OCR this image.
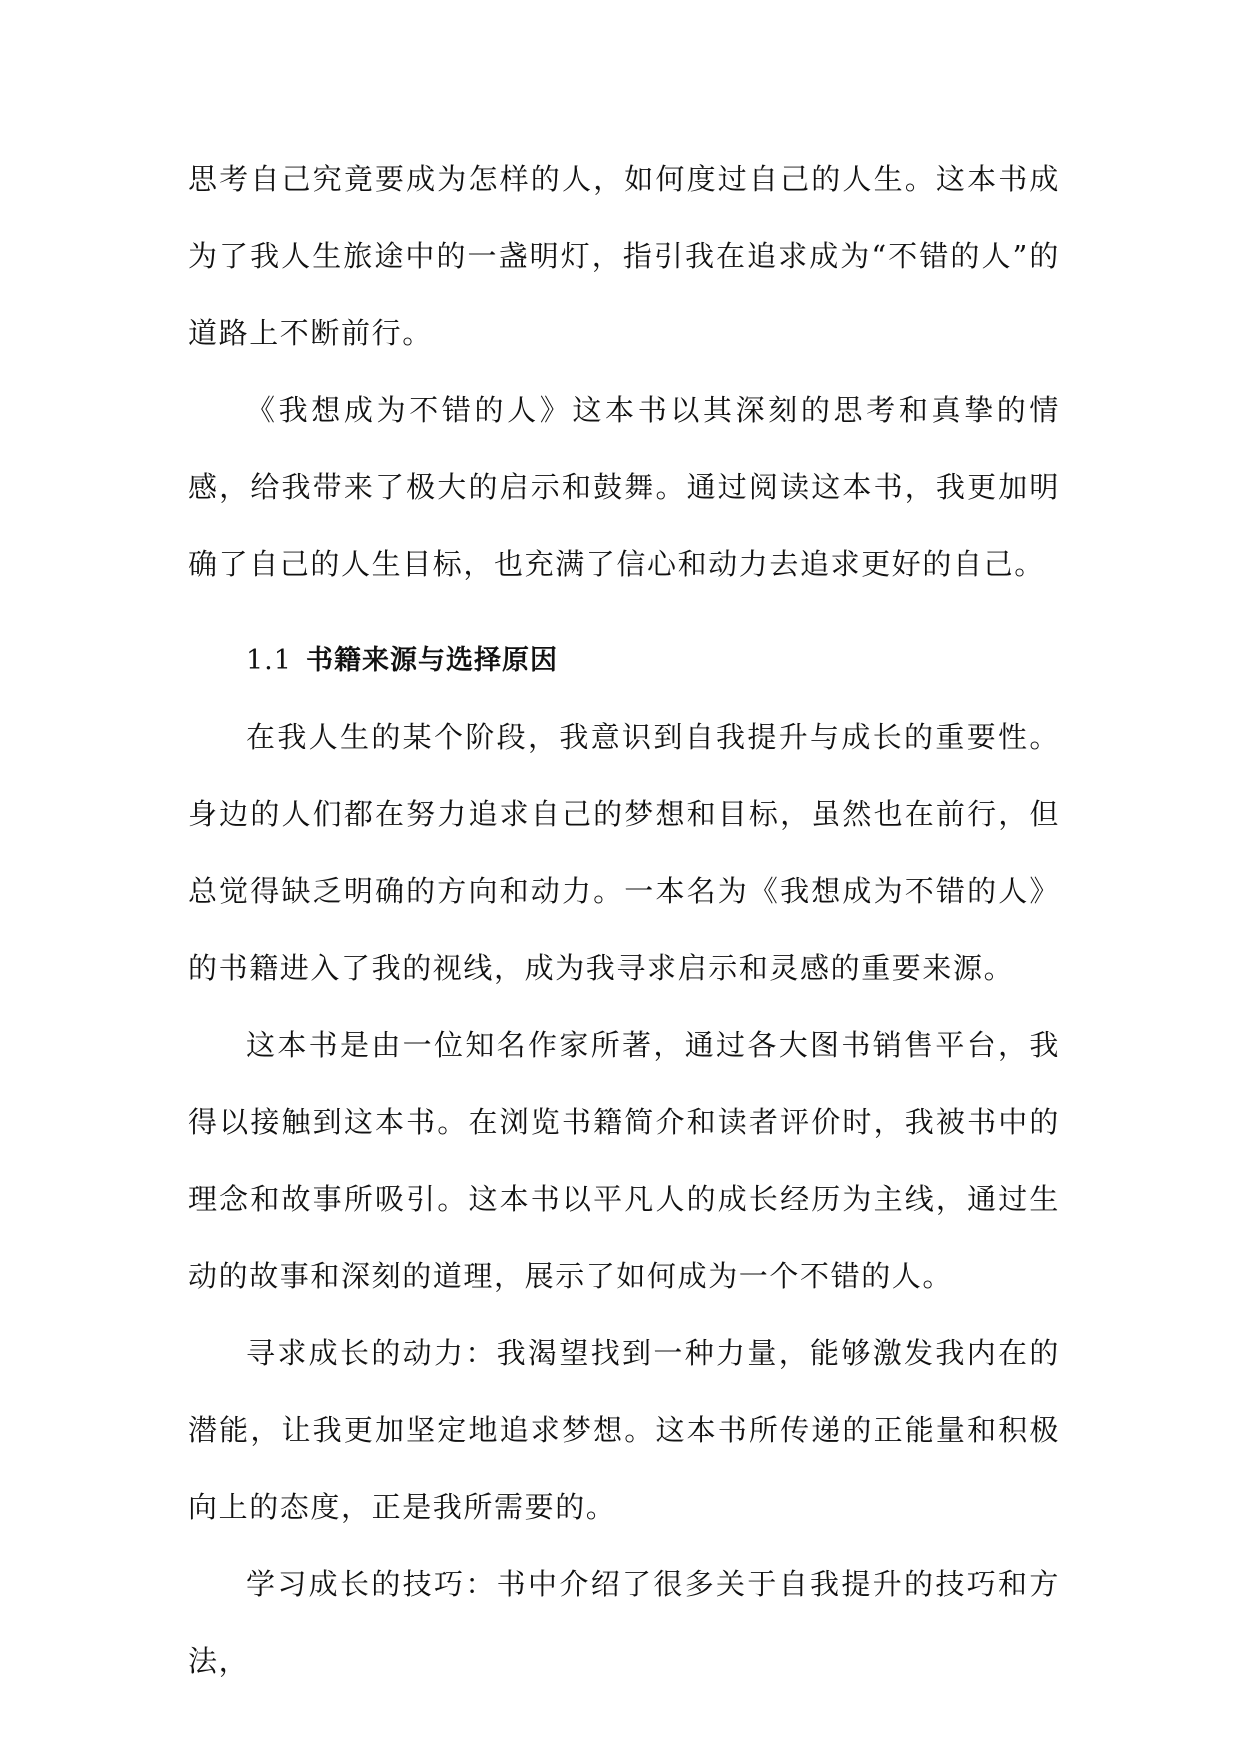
思考自己究竟要成为怎样的人，如何度过自己的人生。这本书成为了我人生旅途中的一盏明灯，指引我在追求成为“不错的人”的道路上不断前行。

《我想成为不错的人》这本书以其深刻的思考和真挚的情感，给我带来了极大的启示和鼓舞。通过阅读这本书，我更加明确了自己的人生目标，也充满了信心和动力去追求更好的自己。

1.1 书籍来源与选择原因

在我人生的某个阶段，我意识到自我提升与成长的重要性。身边的人们都在努力追求自己的梦想和目标，虽然也在前行，但总觉得缺乏明确的方向和动力。一本名为《我想成为不错的人》的书籍进入了我的视线，成为我寻求启示和灵感的重要来源。

这本书是由一位知名作家所著，通过各大图书销售平台，我得以接触到这本书。在浏览书籍简介和读者评价时，我被书中的理念和故事所吸引。这本书以平凡人的成长经历为主线，通过生动的故事和深刻的道理，展示了如何成为一个不错的人。

寻求成长的动力：我渴望找到一种力量，能够激发我内在的潜能，让我更加坚定地追求梦想。这本书所传递的正能量和积极向上的态度，正是我所需要的。

学习成长的技巧：书中介绍了很多关于自我提升的技巧和方法，
